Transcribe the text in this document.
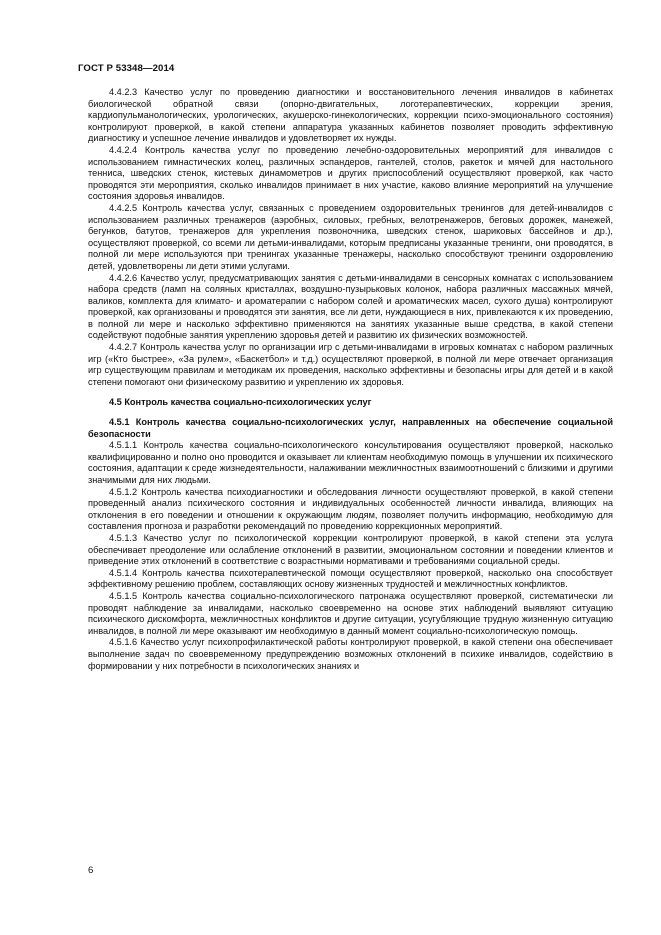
ГОСТ Р 53348—2014

4.4.2.3 Качество услуг по проведению диагностики и восстановительного лечения инвалидов в кабинетах биологической обратной связи (опорно-двигательных, логотерапевтических, коррекции зрения, кардиопульманологических, урологических, акушерско-гинекологических, коррекции психо-эмоционального состояния) контролируют проверкой, в какой степени аппаратура указанных кабинетов позволяет проводить эффективную диагностику и успешное лечение инвалидов и удовлетворяет их нужды.

4.4.2.4 Контроль качества услуг по проведению лечебно-оздоровительных мероприятий для инвалидов с использованием гимнастических колец, различных эспандеров, гантелей, столов, ракеток и мячей для настольного тенниса, шведских стенок, кистевых динамометров и других приспособлений осуществляют проверкой, как часто проводятся эти мероприятия, сколько инвалидов принимает в них участие, каково влияние мероприятий на улучшение состояния здоровья инвалидов.

4.4.2.5 Контроль качества услуг, связанных с проведением оздоровительных тренингов для детей-инвалидов с использованием различных тренажеров (аэробных, силовых, гребных, велотренажеров, беговых дорожек, манежей, бегунков, батутов, тренажеров для укрепления позвоночника, шведских стенок, шариковых бассейнов и др.), осуществляют проверкой, со всеми ли детьми-инвалидами, которым предписаны указанные тренинги, они проводятся, в полной ли мере используются при тренингах указанные тренажеры, насколько способствуют тренинги оздоровлению детей, удовлетворены ли дети этими услугами.

4.4.2.6 Качество услуг, предусматривающих занятия с детьми-инвалидами в сенсорных комнатах с использованием набора средств (ламп на соляных кристаллах, воздушно-пузырьковых колонок, набора различных массажных мячей, валиков, комплекта для климато- и ароматерапии с набором солей и ароматических масел, сухого душа) контролируют проверкой, как организованы и проводятся эти занятия, все ли дети, нуждающиеся в них, привлекаются к их проведению, в полной ли мере и насколько эффективно применяются на занятиях указанные выше средства, в какой степени содействуют подобные занятия укреплению здоровья детей и развитию их физических возможностей.

4.4.2.7 Контроль качества услуг по организации игр с детьми-инвалидами в игровых комнатах с набором различных игр («Кто быстрее», «За рулем», «Баскетбол» и т.д.) осуществляют проверкой, в полной ли мере отвечает организация игр существующим правилам и методикам их проведения, насколько эффективны и безопасны игры для детей и в какой степени помогают они физическому развитию и укреплению их здоровья.

4.5 Контроль качества социально-психологических услуг

4.5.1 Контроль качества социально-психологических услуг, направленных на обеспечение социальной безопасности

4.5.1.1 Контроль качества социально-психологического консультирования осуществляют проверкой, насколько квалифицированно и полно оно проводится и оказывает ли клиентам необходимую помощь в улучшении их психического состояния, адаптации к среде жизнедеятельности, налаживании межличностных взаимоотношений с близкими и другими значимыми для них людьми.

4.5.1.2 Контроль качества психодиагностики и обследования личности осуществляют проверкой, в какой степени проведенный анализ психического состояния и индивидуальных особенностей личности инвалида, влияющих на отклонения в его поведении и отношении к окружающим людям, позволяет получить информацию, необходимую для составления прогноза и разработки рекомендаций по проведению коррекционных мероприятий.

4.5.1.3 Качество услуг по психологической коррекции контролируют проверкой, в какой степени эта услуга обеспечивает преодоление или ослабление отклонений в развитии, эмоциональном состоянии и поведении клиентов и приведение этих отклонений в соответствие с возрастными нормативами и требованиями социальной среды.

4.5.1.4 Контроль качества психотерапевтической помощи осуществляют проверкой, насколько она способствует эффективному решению проблем, составляющих основу жизненных трудностей и межличностных конфликтов.

4.5.1.5 Контроль качества социально-психологического патронажа осуществляют проверкой, систематически ли проводят наблюдение за инвалидами, насколько своевременно на основе этих наблюдений выявляют ситуацию психического дискомфорта, межличностных конфликтов и другие ситуации, усугубляющие трудную жизненную ситуацию инвалидов, в полной ли мере оказывают им необходимую в данный момент социально-психологическую помощь.

4.5.1.6 Качество услуг психопрофилактической работы контролируют проверкой, в какой степени она обеспечивает выполнение задач по своевременному предупреждению возможных отклонений в психике инвалидов, содействию в формировании у них потребности в психологических знаниях и

6
